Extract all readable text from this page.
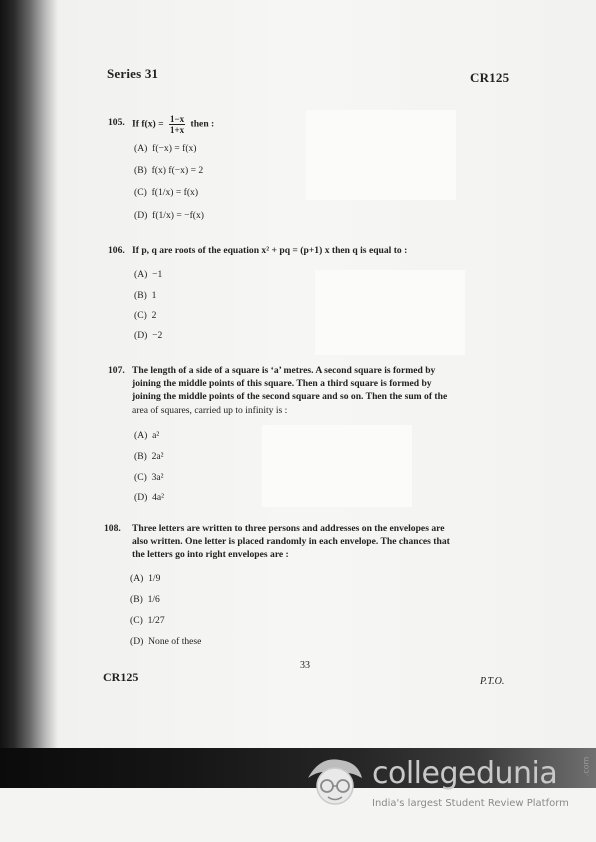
Series 31	CR125
105. If $f(x) = \frac{1-x}{1+x}$ then :
(A) f(−x) = f(x)
(B) f(x) f(−x) = 2
(C) f(1/x) = f(x)
(D) f(1/x) = −f(x)
106. If p, q are roots of the equation x² + pq = (p+1) x then q is equal to :
(A) −1
(B) 1
(C) 2
(D) −2
107. The length of a side of a square is ‘a’ metres. A second square is formed by
joining the middle points of this square. Then a third square is formed by
joining the middle points of the second square and so on. Then the sum of the
area of squares, carried up to infinity is :
(A) a²
(B) 2a²
(C) 3a²
(D) 4a²
108. Three letters are written to three persons and addresses on the envelopes are
also written. One letter is placed randomly in each envelope. The chances that
the letters go into right envelopes are :
(A) 1/9
(B) 1/6
(C) 1/27
(D) None of these
33
CR125	P.T.O.
collegedunia	.com
India's largest Student Review Platform
